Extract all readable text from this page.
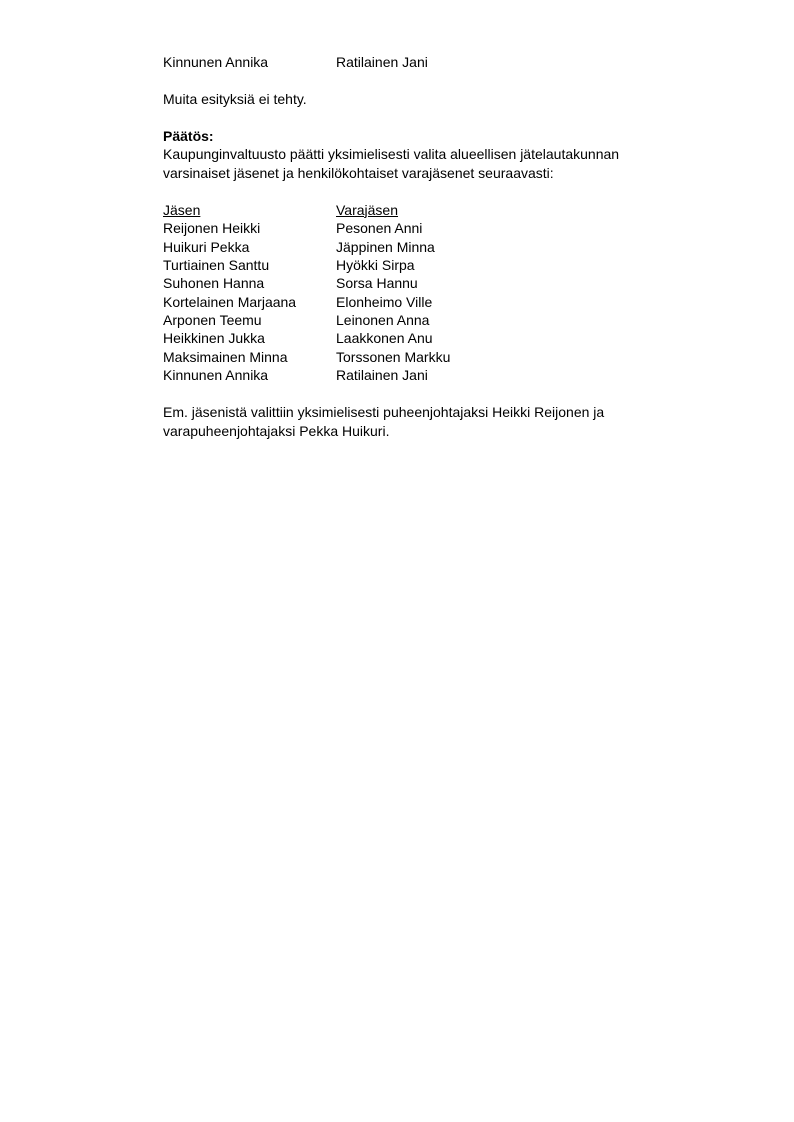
Kinnunen Annika	Ratilainen Jani
Muita esityksiä ei tehty.
Päätös:
Kaupunginvaltuusto päätti yksimielisesti valita alueellisen jätelautakunnan
varsinaiset jäsenet ja henkilökohtaiset varajäsenet seuraavasti:
Jäsen	Varajäsen
Reijonen Heikki	Pesonen Anni
Huikuri Pekka	Jäppinen Minna
Turtiainen Santtu	Hyökki Sirpa
Suhonen Hanna	Sorsa Hannu
Kortelainen Marjaana	Elonheimo Ville
Arponen Teemu	Leinonen Anna
Heikkinen Jukka	Laakkonen Anu
Maksimainen Minna	Torssonen Markku
Kinnunen Annika	Ratilainen Jani
Em. jäsenistä valittiin yksimielisesti puheenjohtajaksi Heikki Reijonen ja
varapuheenjohtajaksi Pekka Huikuri.
